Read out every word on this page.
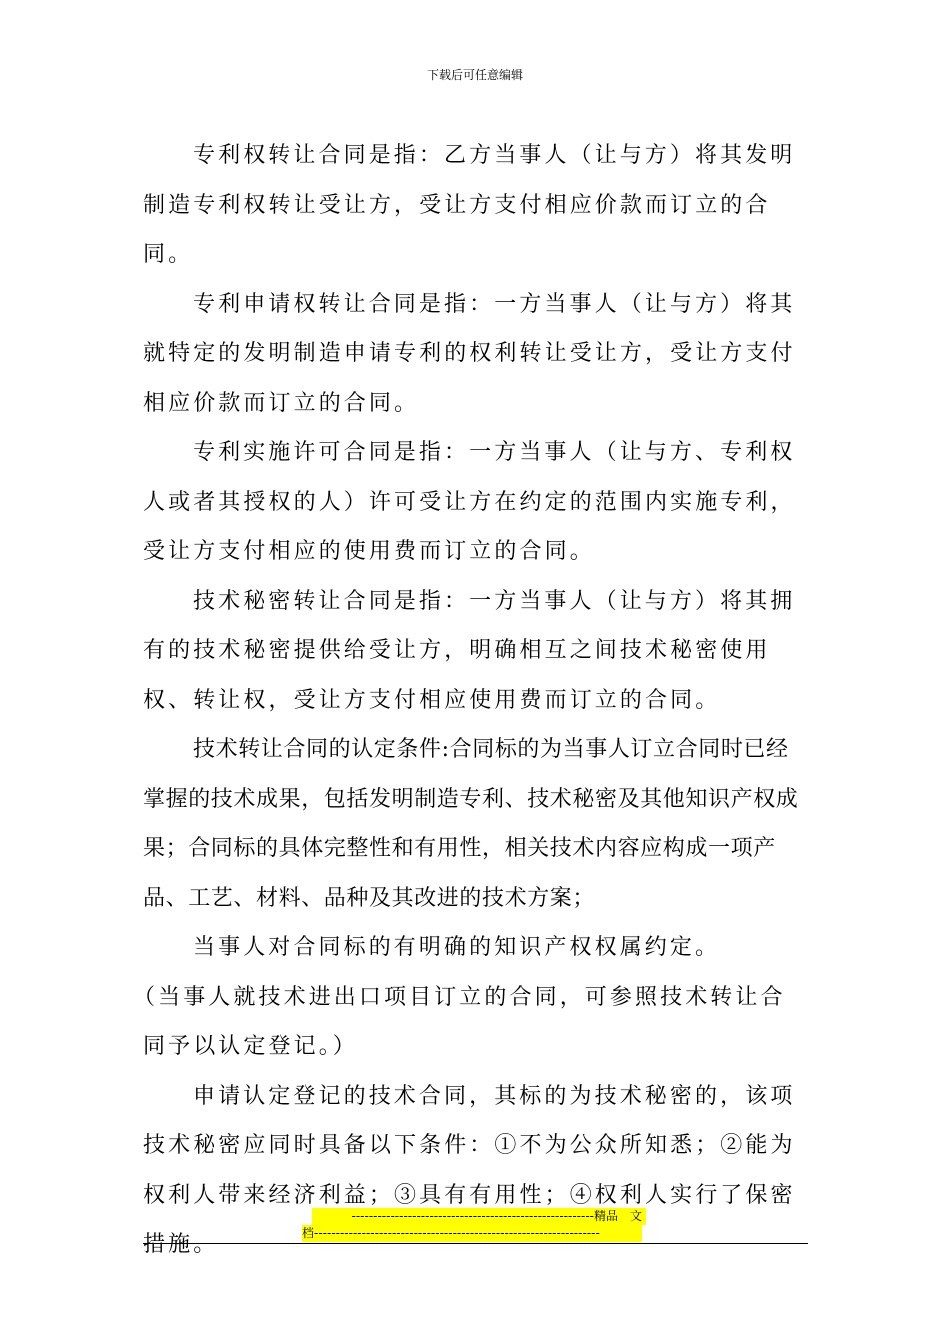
下载后可任意编辑

专利权转让合同是指：乙方当事人（让与方）将其发明制造专利权转让受让方，受让方支付相应价款而订立的合同。

专利申请权转让合同是指：一方当事人（让与方）将其就特定的发明制造申请专利的权利转让受让方，受让方支付相应价款而订立的合同。

专利实施许可合同是指：一方当事人（让与方、专利权人或者其授权的人）许可受让方在约定的范围内实施专利，受让方支付相应的使用费而订立的合同。

技术秘密转让合同是指：一方当事人（让与方）将其拥有的技术秘密提供给受让方，明确相互之间技术秘密使用权、转让权，受让方支付相应使用费而订立的合同。

技术转让合同的认定条件:合同标的为当事人订立合同时已经掌握的技术成果，包括发明制造专利、技术秘密及其他知识产权成果；合同标的具体完整性和有用性，相关技术内容应构成一项产品、工艺、材料、品种及其改进的技术方案；

当事人对合同标的有明确的知识产权权属约定。

（当事人就技术进出口项目订立的合同，可参照技术转让合同予以认定登记。）

申请认定登记的技术合同，其标的为技术秘密的，该项技术秘密应同时具备以下条件：①不为公众所知悉；②能为权利人带来经济利益；③具有有用性；④权利人实行了保密措施。

--------------------------------------------------------精品　文
档------------------------------------------------------------------
